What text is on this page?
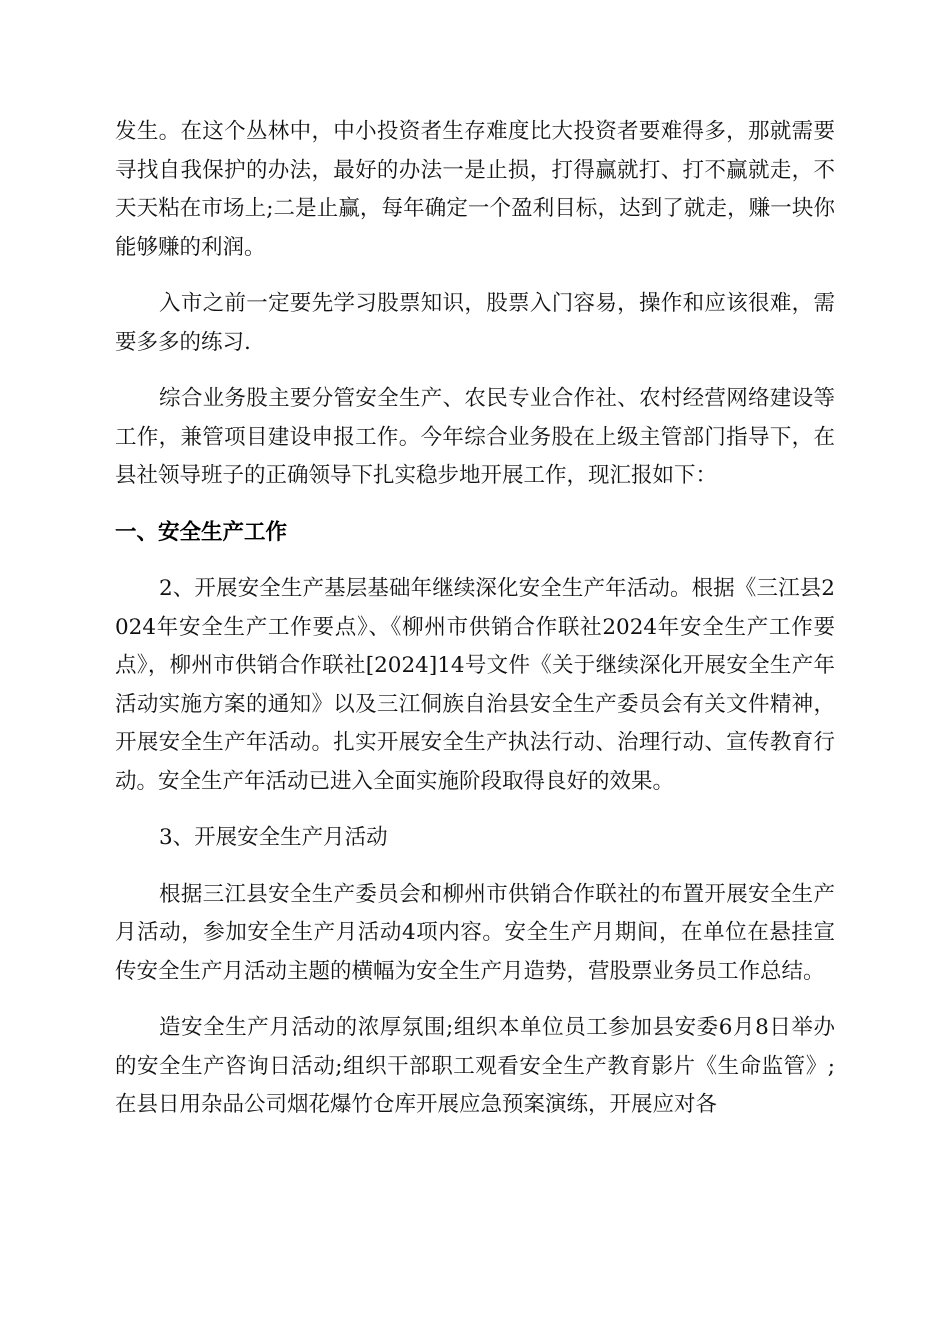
发生。在这个丛林中，中小投资者生存难度比大投资者要难得多，那就需要寻找自我保护的办法，最好的办法一是止损，打得赢就打、打不赢就走，不天天粘在市场上;二是止赢，每年确定一个盈利目标，达到了就走，赚一块你能够赚的利润。

入市之前一定要先学习股票知识，股票入门容易，操作和应该很难，需要多多的练习.

综合业务股主要分管安全生产、农民专业合作社、农村经营网络建设等工作，兼管项目建设申报工作。今年综合业务股在上级主管部门指导下，在县社领导班子的正确领导下扎实稳步地开展工作，现汇报如下：

一、安全生产工作

2、开展安全生产基层基础年继续深化安全生产年活动。根据《三江县2024年安全生产工作要点》、《柳州市供销合作联社2024年安全生产工作要点》，柳州市供销合作联社[2024]14号文件《关于继续深化开展安全生产年活动实施方案的通知》以及三江侗族自治县安全生产委员会有关文件精神，开展安全生产年活动。扎实开展安全生产执法行动、治理行动、宣传教育行动。安全生产年活动已进入全面实施阶段取得良好的效果。

3、开展安全生产月活动

根据三江县安全生产委员会和柳州市供销合作联社的布置开展安全生产月活动，参加安全生产月活动4项内容。安全生产月期间，在单位在悬挂宣传安全生产月活动主题的横幅为安全生产月造势，营股票业务员工作总结。

造安全生产月活动的浓厚氛围;组织本单位员工参加县安委6月8日举办的安全生产咨询日活动;组织干部职工观看安全生产教育影片《生命监管》;在县日用杂品公司烟花爆竹仓库开展应急预案演练，开展应对各
